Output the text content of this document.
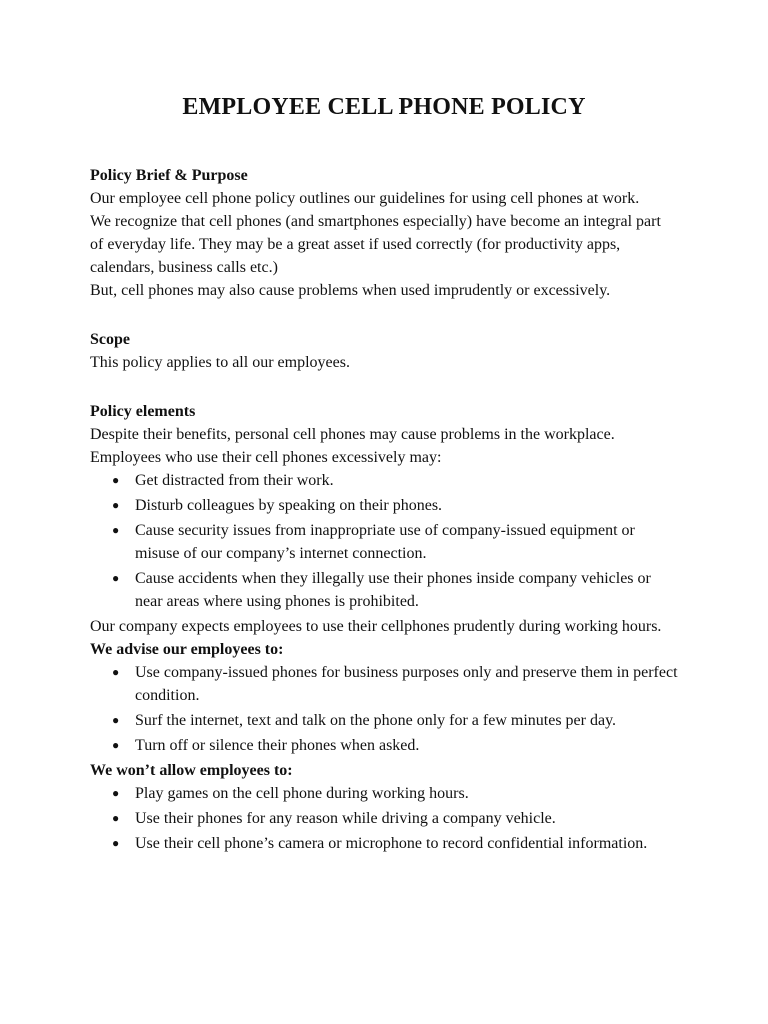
EMPLOYEE CELL PHONE POLICY

Policy Brief & Purpose

Our employee cell phone policy outlines our guidelines for using cell phones at work.

We recognize that cell phones (and smartphones especially) have become an integral part of everyday life. They may be a great asset if used correctly (for productivity apps, calendars, business calls etc.)

But, cell phones may also cause problems when used imprudently or excessively.

Scope

This policy applies to all our employees.

Policy elements

Despite their benefits, personal cell phones may cause problems in the workplace. Employees who use their cell phones excessively may:

● Get distracted from their work.
● Disturb colleagues by speaking on their phones.
● Cause security issues from inappropriate use of company-issued equipment or misuse of our company’s internet connection.
● Cause accidents when they illegally use their phones inside company vehicles or near areas where using phones is prohibited.

Our company expects employees to use their cellphones prudently during working hours.

We advise our employees to:

● Use company-issued phones for business purposes only and preserve them in perfect condition.
● Surf the internet, text and talk on the phone only for a few minutes per day.
● Turn off or silence their phones when asked.

We won’t allow employees to:

● Play games on the cell phone during working hours.
● Use their phones for any reason while driving a company vehicle.
● Use their cell phone’s camera or microphone to record confidential information.
